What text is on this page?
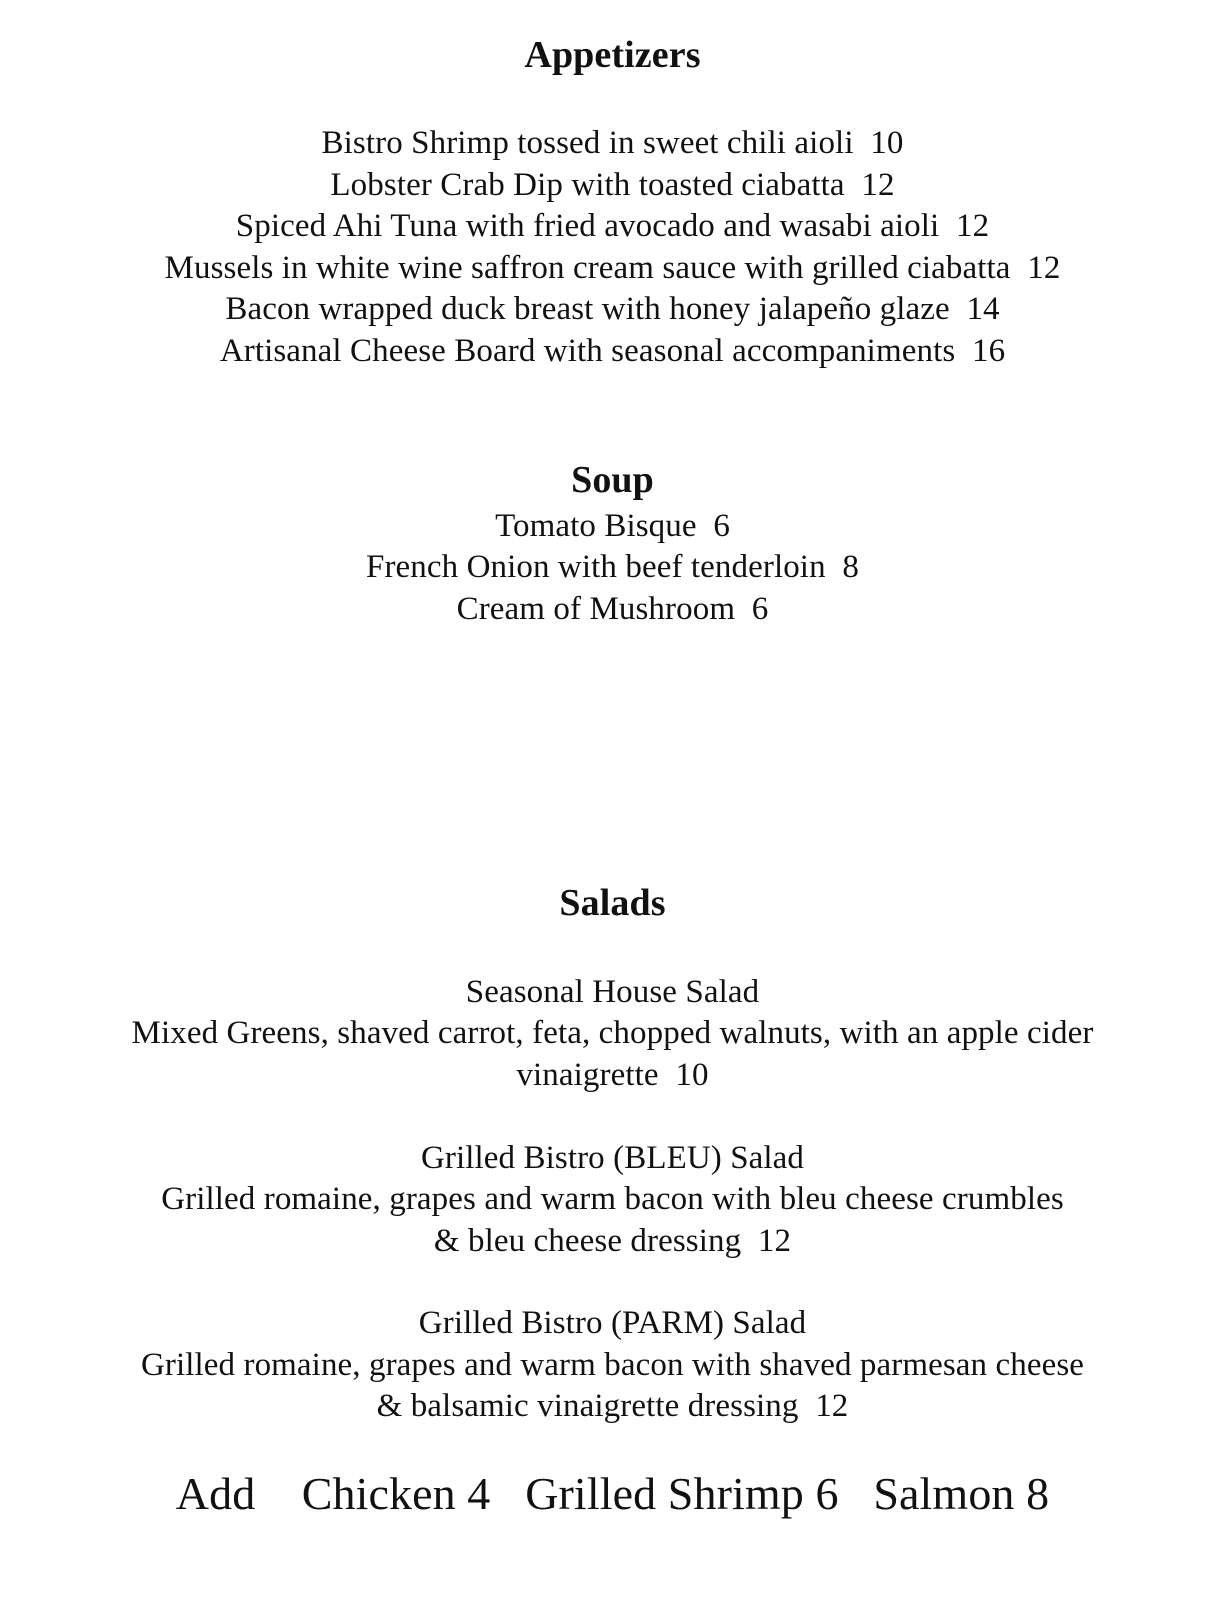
Appetizers
Bistro Shrimp tossed in sweet chili aioli  10
Lobster Crab Dip with toasted ciabatta  12
Spiced Ahi Tuna with fried avocado and wasabi aioli  12
Mussels in white wine saffron cream sauce with grilled ciabatta  12
Bacon wrapped duck breast with honey jalapeño glaze  14
Artisanal Cheese Board with seasonal accompaniments  16
Soup
Tomato Bisque  6
French Onion with beef tenderloin  8
Cream of Mushroom  6
Salads
Seasonal House Salad
Mixed Greens, shaved carrot, feta, chopped walnuts, with an apple cider
vinaigrette  10
Grilled Bistro (BLEU) Salad
Grilled romaine, grapes and warm bacon with bleu cheese crumbles
& bleu cheese dressing  12
Grilled Bistro (PARM) Salad
Grilled romaine, grapes and warm bacon with shaved parmesan cheese
& balsamic vinaigrette dressing  12
Add    Chicken 4   Grilled Shrimp 6   Salmon 8
